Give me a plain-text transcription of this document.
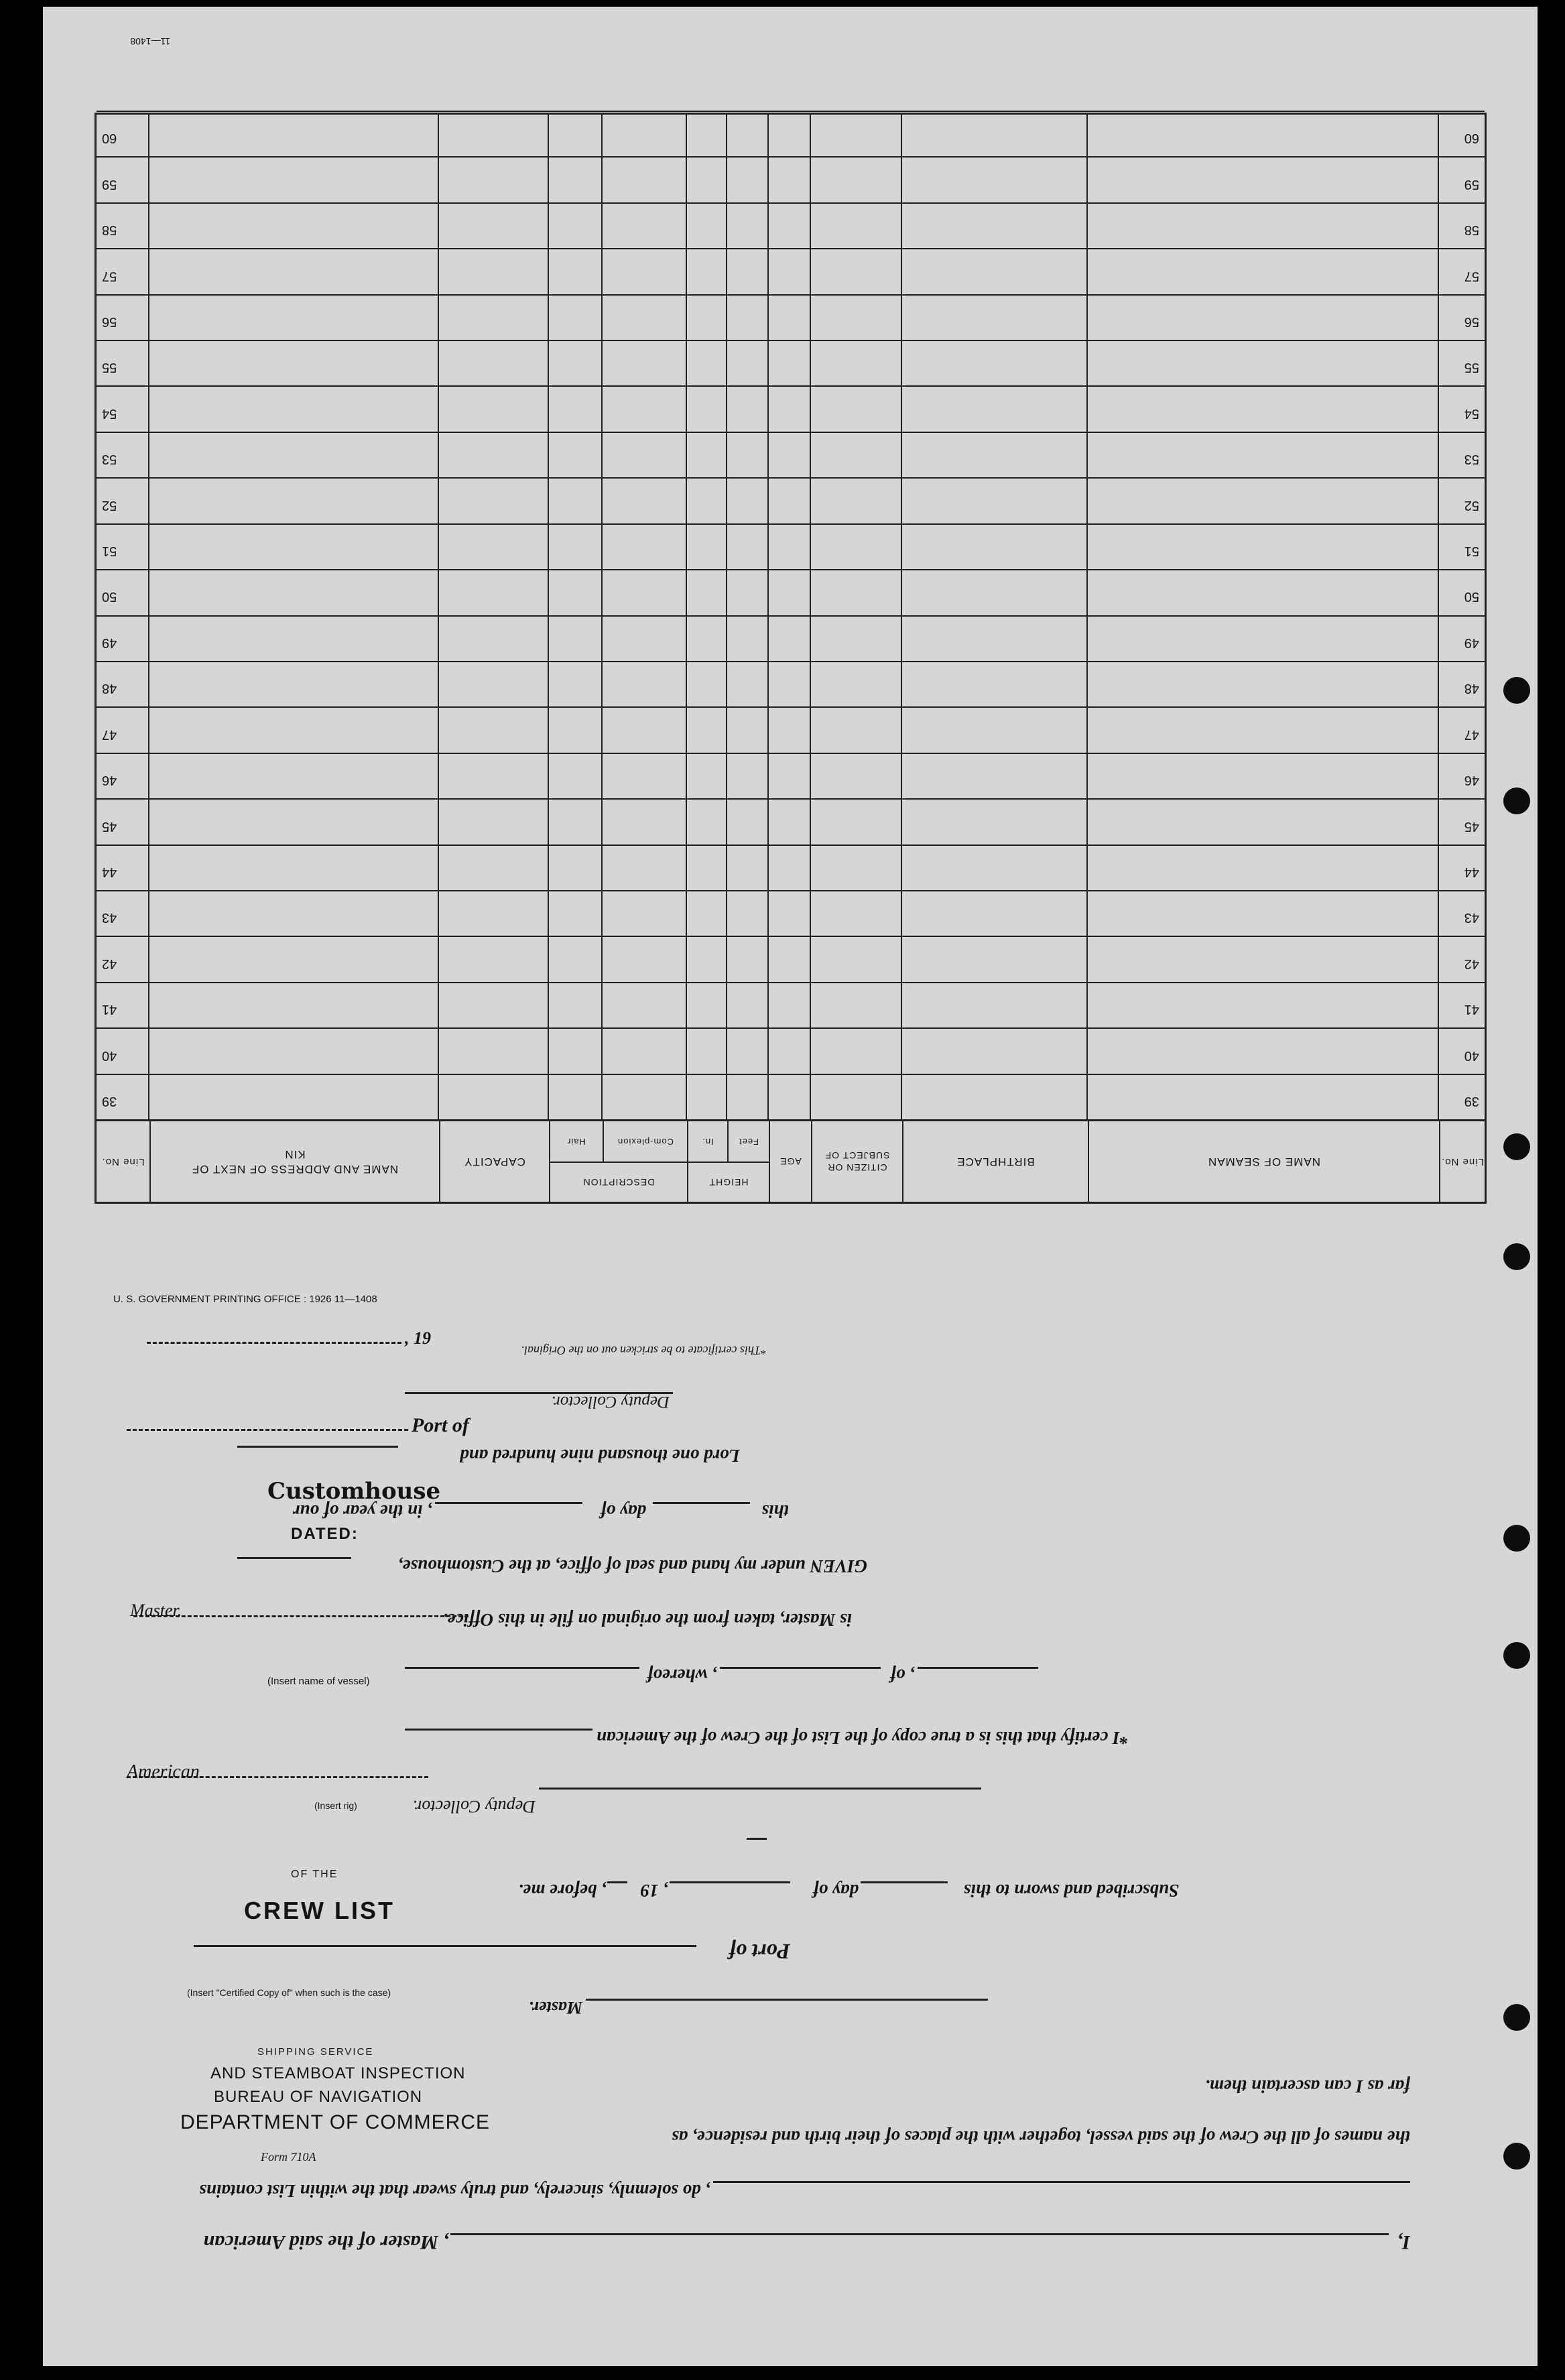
I,
, Master of the said American
, do solemnly, sincerely, and truly swear that the within List contains
the names of all the Crew of the said vessel, together with the places of their birth and residence, as
far as I can ascertain them.
Master.
Port of
Subscribed and sworn to this
day of
, 19
, before me.
Deputy Collector.
*I certify that this is a true copy of the List of the Crew of the American
, of
, whereof
is Master, taken from the original on file in this Office.
GIVEN under my hand and seal of office, at the Customhouse,
this
day of
, in the year of our
Lord one thousand nine hundred and
Deputy Collector.
*This certificate to be stricken out on the Original.
U. S. GOVERNMENT PRINTING OFFICE : 1926 11—1408
, 19
Port of
Customhouse
DATED:
Master.
(Insert name of vessel)
American
(Insert rig)
OF THE
CREW LIST
(Insert "Certified Copy of" when such is the case)
SHIPPING SERVICE
AND STEAMBOAT INSPECTION
BUREAU OF NAVIGATION
DEPARTMENT OF COMMERCE
Form 710A
Line No.
NAME OF SEAMAN
BIRTHPLACE
CITIZEN OR SUBJECT OF
AGE
HEIGHT
Feet
In.
DESCRIPTION
Com-plexion
Hair
CAPACITY
NAME AND ADDRESS OF NEXT OF KIN
Line No.
39
39
40
40
41
41
42
42
43
43
44
44
45
45
46
46
47
47
48
48
49
49
50
50
51
51
52
52
53
53
54
54
55
55
56
56
57
57
58
58
59
59
60
60
11—1408
